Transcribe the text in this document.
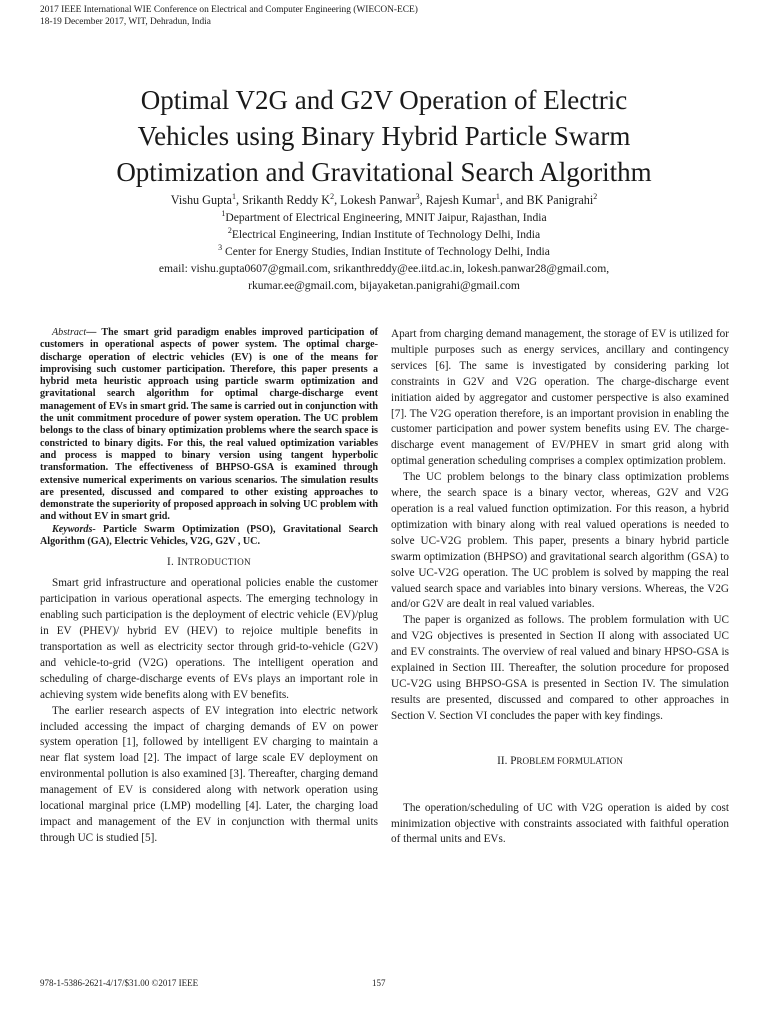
2017 IEEE International WIE Conference on Electrical and Computer Engineering (WIECON-ECE)
18-19 December 2017, WIT, Dehradun, India
Optimal V2G and G2V Operation of Electric
Vehicles using Binary Hybrid Particle Swarm
Optimization and Gravitational Search Algorithm
Vishu Gupta$^1$, Srikanth Reddy $K^2$, Lokesh Panwar$^3$, Rajesh Kumar$^1$, and BK Panigrahi$^2$
$^1$Department of Electrical Engineering, MNIT Jaipur, Rajasthan, India
$^2$Electrical Engineering, Indian Institute of Technology Delhi, India
$^3$ Center for Energy Studies, Indian Institute of Technology Delhi, India
email: vishu.gupta0607@gmail.com, srikanthreddy@ee.iitd.ac.in, lokesh.panwar28@gmail.com,
rkumar.ee@gmail.com, bijayaketan.panigrahi@gmail.com

Abstract— The smart grid paradigm enables improved participation of customers in operational aspects of power system. The optimal charge-discharge operation of electric vehicles (EV) is one of the means for improvising such customer participation. Therefore, this paper presents a hybrid meta heuristic approach using particle swarm optimization and gravitational search algorithm for optimal charge-discharge event management of EVs in smart grid. The same is carried out in conjunction with the unit commitment procedure of power system operation. The UC problem belongs to the class of binary optimization problems where the search space is constricted to binary digits. For this, the real valued optimization variables and process is mapped to binary version using tangent hyperbolic transformation. The effectiveness of BHPSO-GSA is examined through extensive numerical experiments on various scenarios. The simulation results are presented, discussed and compared to other existing approaches to demonstrate the superiority of proposed approach in solving UC problem with and without EV in smart grid.

Keywords- Particle Swarm Optimization (PSO), Gravitational Search Algorithm (GA), Electric Vehicles, V2G, G2V , UC.

I. INTRODUCTION

Smart grid infrastructure and operational policies enable the customer participation in various operational aspects. The emerging technology in enabling such participation is the deployment of electric vehicle (EV)/plug in EV (PHEV)/ hybrid EV (HEV) to rejoice multiple benefits in transportation as well as electricity sector through grid-to-vehicle (G2V) and vehicle-to-grid (V2G) operations. The intelligent operation and scheduling of charge-discharge events of EVs plays an important role in achieving system wide benefits along with EV benefits.

The earlier research aspects of EV integration into electric network included accessing the impact of charging demands of EV on power system operation [1], followed by intelligent EV charging to maintain a near flat system load [2]. The impact of large scale EV deployment on environmental pollution is also examined [3]. Thereafter, charging demand management of EV is considered along with network operation using locational marginal price (LMP) modelling [4]. Later, the charging load impact and management of the EV in conjunction with thermal units through UC is studied [5].

Apart from charging demand management, the storage of EV is utilized for multiple purposes such as energy services, ancillary and contingency services [6]. The same is investigated by considering parking lot constraints in G2V and V2G operation. The charge-discharge event initiation aided by aggregator and customer perspective is also examined [7]. The V2G operation therefore, is an important provision in enabling the customer participation and power system benefits using EV. The charge-discharge event management of EV/PHEV in smart grid along with optimal generation scheduling comprises a complex optimization problem.

The UC problem belongs to the binary class optimization problems where, the search space is a binary vector, whereas, G2V and V2G operation is a real valued function optimization. For this reason, a hybrid optimization with binary along with real valued operations is needed to solve UC-V2G problem. This paper, presents a binary hybrid particle swarm optimization (BHPSO) and gravitational search algorithm (GSA) to solve UC-V2G operation. The UC problem is solved by mapping the real valued search space and variables into binary versions. Whereas, the V2G and/or G2V are dealt in real valued variables.

The paper is organized as follows. The problem formulation with UC and V2G objectives is presented in Section II along with associated UC and EV constraints. The overview of real valued and binary HPSO-GSA is explained in Section III. Thereafter, the solution procedure for proposed UC-V2G using BHPSO-GSA is presented in Section IV. The simulation results are presented, discussed and compared to other approaches in Section V. Section VI concludes the paper with key findings.

II. PROBLEM FORMULATION

The operation/scheduling of UC with V2G operation is aided by cost minimization objective with constraints associated with faithful operation of thermal units and EVs.

978-1-5386-2621-4/17/$31.00 ©2017 IEEE	157
